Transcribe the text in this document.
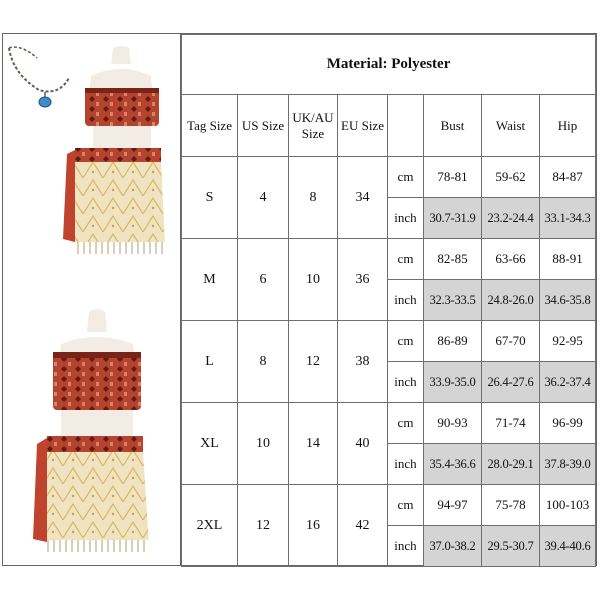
Material: Polyester							
Tag Size	US Size	UK/AU Size	EU Size		Bust	Waist	Hip
S	4	8	34	cm	78-81	59-62	84-87
				inch	30.7-31.9	23.2-24.4	33.1-34.3
M	6	10	36	cm	82-85	63-66	88-91
				inch	32.3-33.5	24.8-26.0	34.6-35.8
L	8	12	38	cm	86-89	67-70	92-95
				inch	33.9-35.0	26.4-27.6	36.2-37.4
XL	10	14	40	cm	90-93	71-74	96-99
				inch	35.4-36.6	28.0-29.1	37.8-39.0
2XL	12	16	42	cm	94-97	75-78	100-103
				inch	37.0-38.2	29.5-30.7	39.4-40.6
